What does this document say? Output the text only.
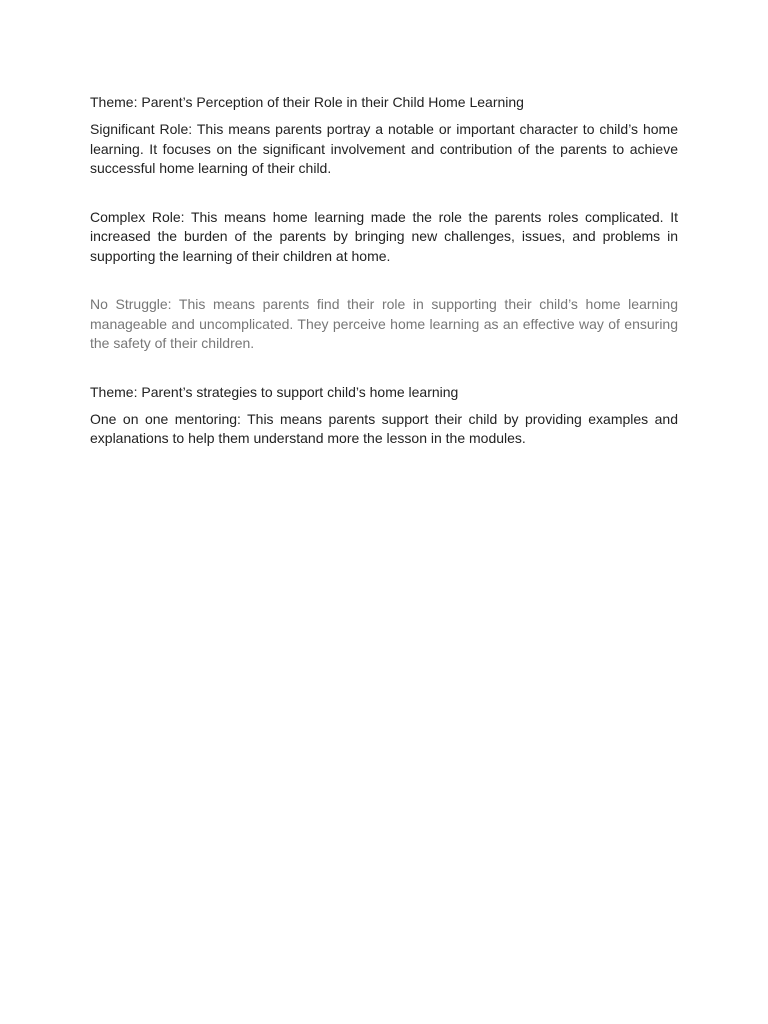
Theme: Parent’s Perception of their Role in their Child Home Learning

Significant Role: This means parents portray a notable or important character to child’s home learning. It focuses on the significant involvement and contribution of the parents to achieve successful home learning of their child.

Complex Role: This means home learning made the role the parents roles complicated. It increased the burden of the parents by bringing new challenges, issues, and problems in supporting the learning of their children at home.

No Struggle: This means parents find their role in supporting their child’s home learning manageable and uncomplicated. They perceive home learning as an effective way of ensuring the safety of their children.

Theme: Parent’s strategies to support child’s home learning

One on one mentoring: This means parents support their child by providing examples and explanations to help them understand more the lesson in the modules.
